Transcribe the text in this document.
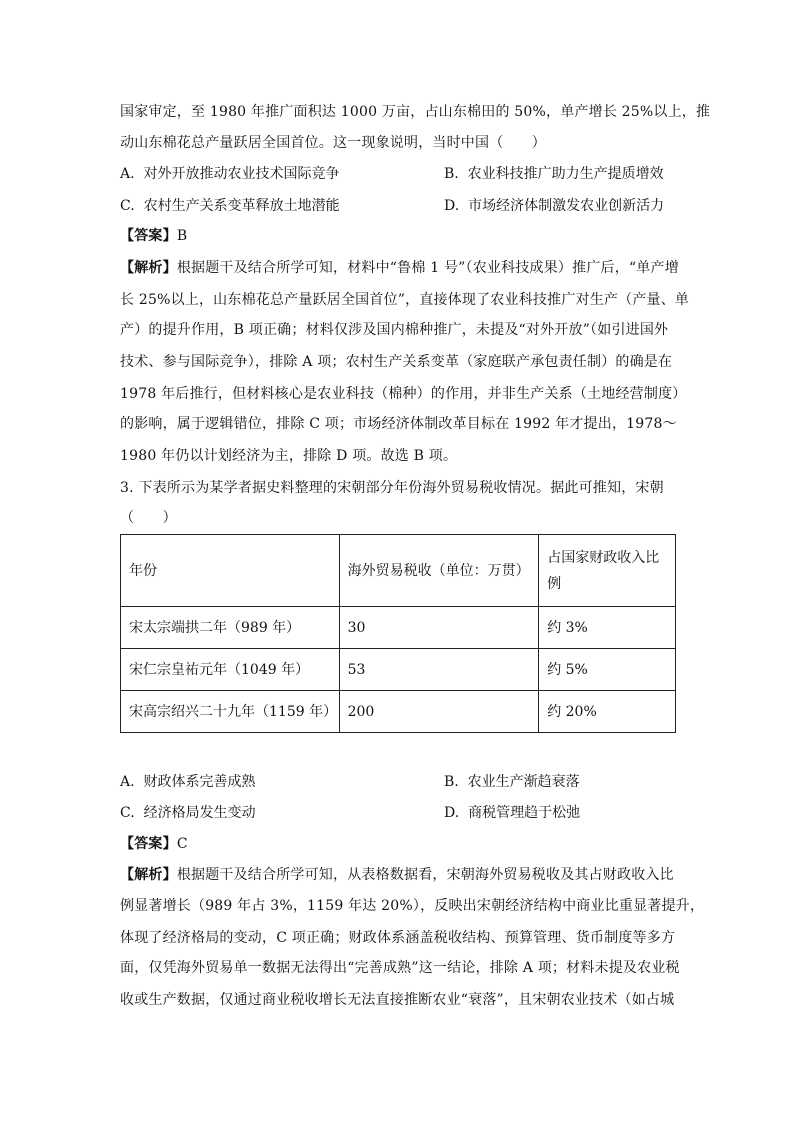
国家审定，至 1980 年推广面积达 1000 万亩，占山东棉田的 50%，单产增长 25%以上，推
动山东棉花总产量跃居全国首位。这一现象说明，当时中国（　　）
A. 对外开放推动农业技术国际竞争	B. 农业科技推广助力生产提质增效
C. 农村生产关系变革释放土地潜能	D. 市场经济体制激发农业创新活力
【答案】B
【解析】根据题干及结合所学可知，材料中“鲁棉 1 号”（农业科技成果）推广后，“单产增
长 25%以上，山东棉花总产量跃居全国首位”，直接体现了农业科技推广对生产（产量、单
产）的提升作用，B 项正确；材料仅涉及国内棉种推广，未提及“对外开放”（如引进国外
技术、参与国际竞争），排除 A 项；农村生产关系变革（家庭联产承包责任制）的确是在
1978 年后推行，但材料核心是农业科技（棉种）的作用，并非生产关系（土地经营制度）
的影响，属于逻辑错位，排除 C 项；市场经济体制改革目标在 1992 年才提出，1978～
1980 年仍以计划经济为主，排除 D 项。故选 B 项。
3. 下表所示为某学者据史料整理的宋朝部分年份海外贸易税收情况。据此可推知，宋朝
（　　）
年份	海外贸易税收（单位：万贯）	占国家财政收入比
例
宋太宗端拱二年（989 年）	30	约 3%
宋仁宗皇祐元年（1049 年）	53	约 5%
宋高宗绍兴二十九年（1159 年）	200	约 20%
A. 财政体系完善成熟	B. 农业生产渐趋衰落
C. 经济格局发生变动	D. 商税管理趋于松弛
【答案】C
【解析】根据题干及结合所学可知，从表格数据看，宋朝海外贸易税收及其占财政收入比
例显著增长（989 年占 3%，1159 年达 20%），反映出宋朝经济结构中商业比重显著提升，
体现了经济格局的变动，C 项正确；财政体系涵盖税收结构、预算管理、货币制度等多方
面，仅凭海外贸易单一数据无法得出“完善成熟”这一结论，排除 A 项；材料未提及农业税
收或生产数据，仅通过商业税收增长无法直接推断农业“衰落”，且宋朝农业技术（如占城
